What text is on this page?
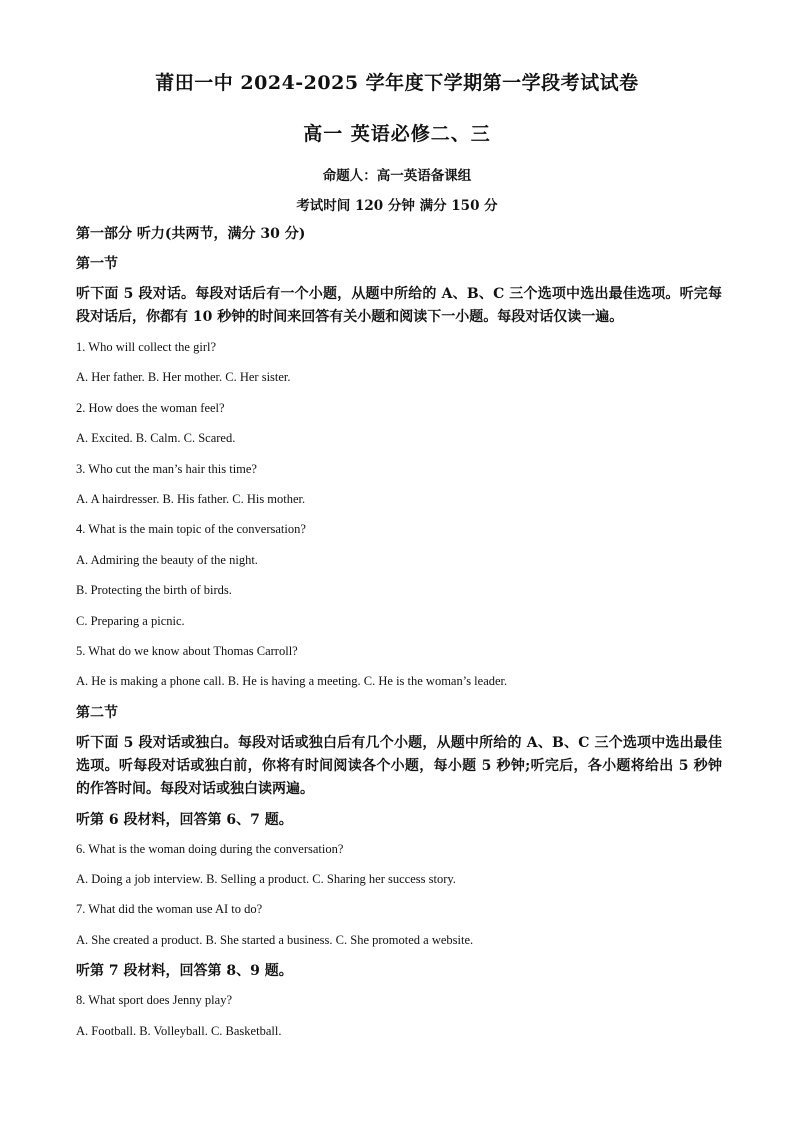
莆田一中 2024-2025 学年度下学期第一学段考试试卷
高一 英语必修二、三
命题人：高一英语备课组
考试时间 120 分钟 满分 150 分
第一部分 听力(共两节，满分 30 分)
第一节
听下面 5 段对话。每段对话后有一个小题，从题中所给的 A、B、C 三个选项中选出最佳选项。听完每段对话后，你都有 10 秒钟的时间来回答有关小题和阅读下一小题。每段对话仅读一遍。
1. Who will collect the girl?
A. Her father. B. Her mother. C. Her sister.
2. How does the woman feel?
A. Excited. B. Calm. C. Scared.
3. Who cut the man’s hair this time?
A. A hairdresser. B. His father. C. His mother.
4. What is the main topic of the conversation?
A. Admiring the beauty of the night.
B. Protecting the birth of birds.
C. Preparing a picnic.
5. What do we know about Thomas Carroll?
A. He is making a phone call. B. He is having a meeting. C. He is the woman’s leader.
第二节
听下面 5 段对话或独白。每段对话或独白后有几个小题，从题中所给的 A、B、C 三个选项中选出最佳选项。听每段对话或独白前，你将有时间阅读各个小题，每小题 5 秒钟;听完后，各小题将给出 5 秒钟的作答时间。每段对话或独白读两遍。
听第 6 段材料，回答第 6、7 题。
6. What is the woman doing during the conversation?
A. Doing a job interview. B. Selling a product. C. Sharing her success story.
7. What did the woman use AI to do?
A. She created a product. B. She started a business. C. She promoted a website.
听第 7 段材料，回答第 8、9 题。
8. What sport does Jenny play?
A. Football. B. Volleyball. C. Basketball.
